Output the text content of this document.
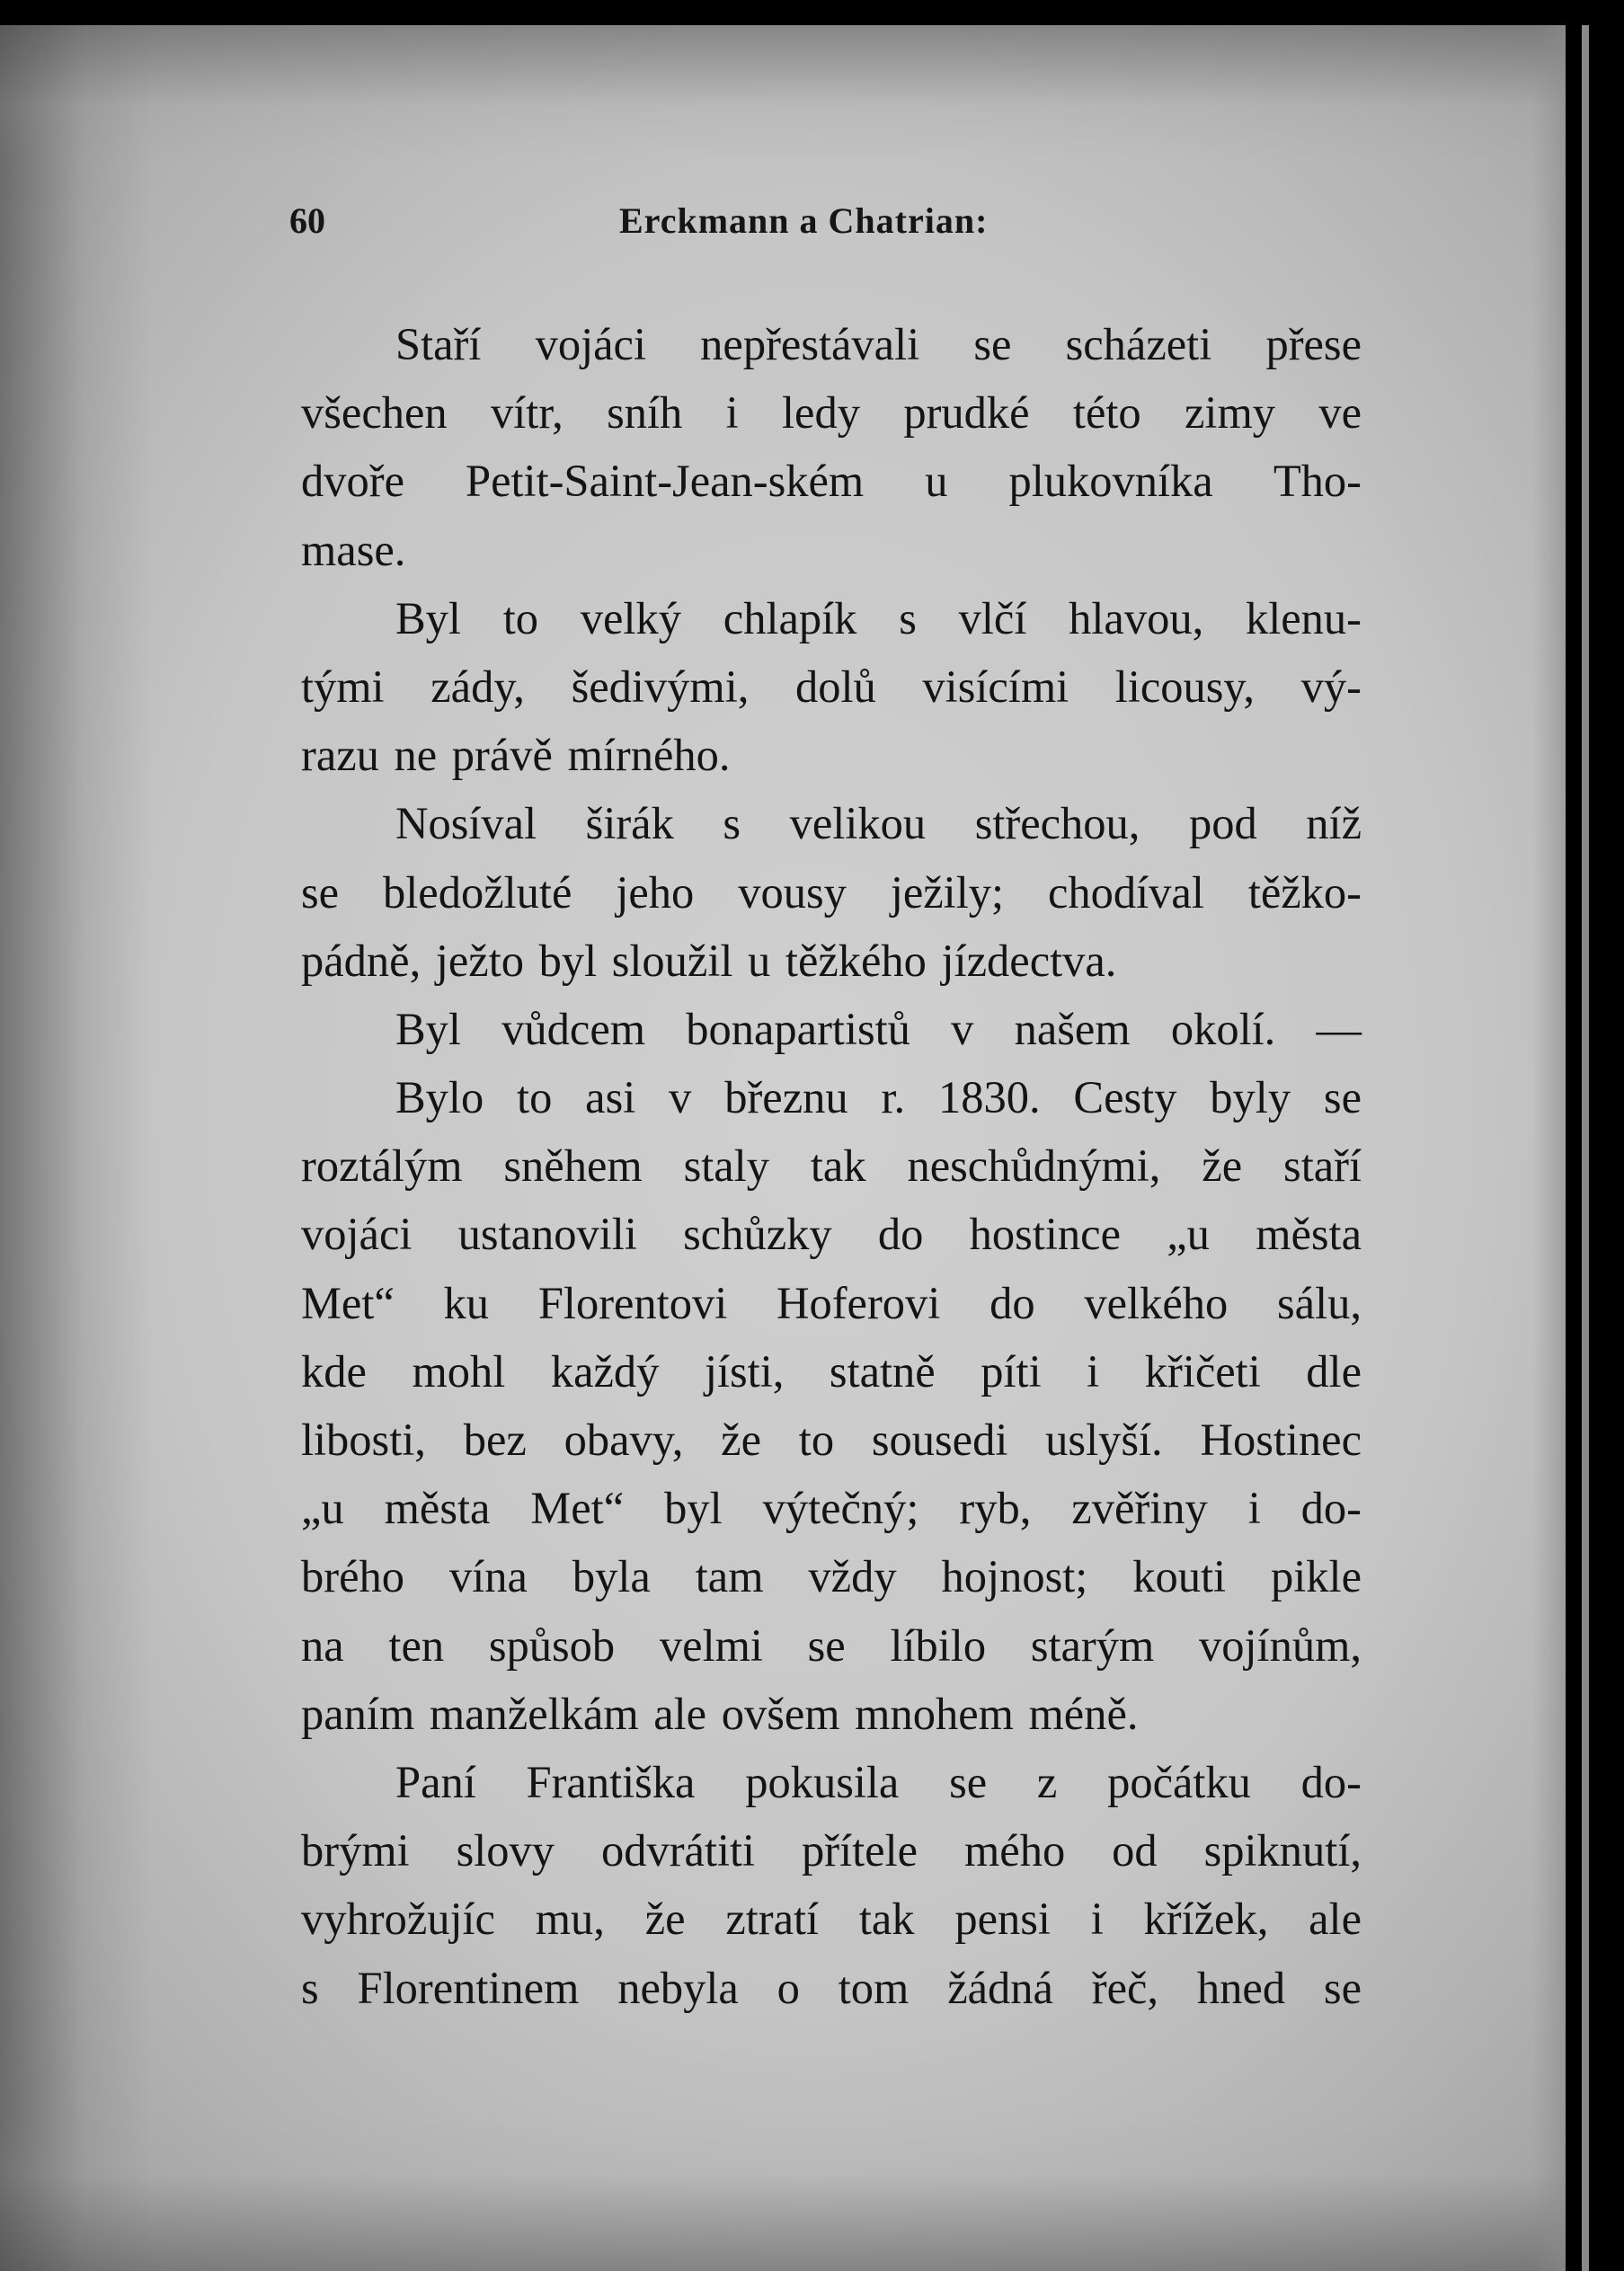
60	Erckmann a Chatrian:
Staří vojáci nepřestávali se scházeti přese
všechen vítr, sníh i ledy prudké této zimy ve
dvoře Petit-Saint-Jean-ském u plukovníka Tho-
mase.
Byl to velký chlapík s vlčí hlavou, klenu-
tými zády, šedivými, dolů visícími licousy, vý-
razu ne právě mírného.
Nosíval širák s velikou střechou, pod níž
se bledožluté jeho vousy ježily; chodíval těžko-
pádně, ježto byl sloužil u těžkého jízdectva.
Byl vůdcem bonapartistů v našem okolí. —
Bylo to asi v březnu r. 1830. Cesty byly se
roztálým sněhem staly tak neschůdnými, že staří
vojáci ustanovili schůzky do hostince „u města
Met“ ku Florentovi Hoferovi do velkého sálu,
kde mohl každý jísti, statně píti i křičeti dle
libosti, bez obavy, že to sousedi uslyší. Hostinec
„u města Met“ byl výtečný; ryb, zvěřiny i do-
brého vína byla tam vždy hojnost; kouti pikle
na ten spůsob velmi se líbilo starým vojínům,
paním manželkám ale ovšem mnohem méně.
Paní Františka pokusila se z počátku do-
brými slovy odvrátiti přítele mého od spiknutí,
vyhrožujíc mu, že ztratí tak pensi i křížek, ale
s Florentinem nebyla o tom žádná řeč, hned se
